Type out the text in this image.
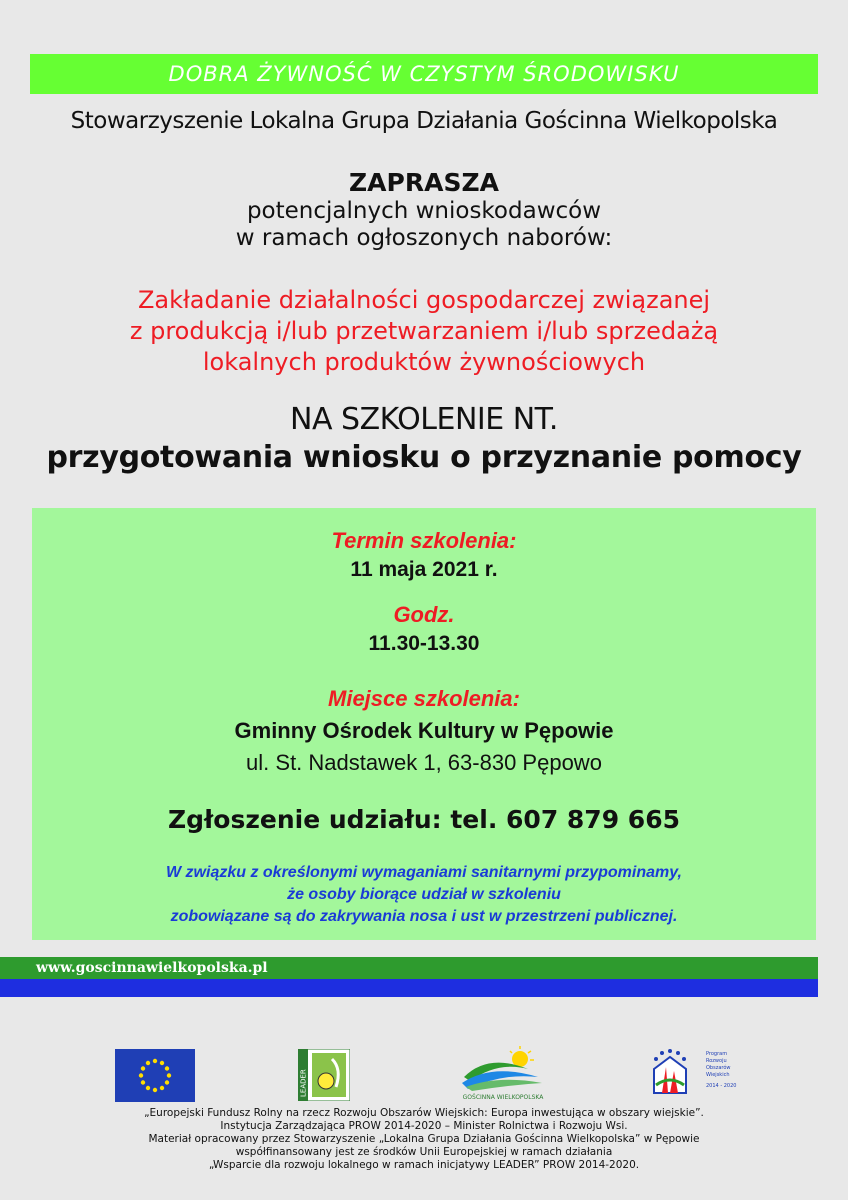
DOBRA ŻYWNOŚĆ W CZYSTYM ŚRODOWISKU
Stowarzyszenie Lokalna Grupa Działania Gościnna Wielkopolska
ZAPRASZA
potencjalnych wnioskodawców
w ramach ogłoszonych naborów:
Zakładanie działalności gospodarczej związanej
z produkcją i/lub przetwarzaniem i/lub sprzedażą
lokalnych produktów żywnościowych
NA SZKOLENIE NT.
przygotowania wniosku o przyznanie pomocy
Termin szkolenia:
11 maja 2021 r.
Godz.
11.30-13.30
Miejsce szkolenia:
Gminny Ośrodek Kultury w Pępowie
ul. St. Nadstawek 1, 63-830 Pępowo
Zgłoszenie udziału: tel. 607 879 665
W związku z określonymi wymaganiami sanitarnymi przypominamy,
że osoby biorące udział w szkoleniu
zobowiązane są do zakrywania nosa i ust w przestrzeni publicznej.
www.goscinnawielkopolska.pl
LEADER
GOŚCINNA WIELKOPOLSKA
Program
Rozwoju
Obszarów
Wiejskich
2014 - 2020
„Europejski Fundusz Rolny na rzecz Rozwoju Obszarów Wiejskich: Europa inwestująca w obszary wiejskie”.
Instytucja Zarządzająca PROW 2014-2020 – Minister Rolnictwa i Rozwoju Wsi.
Materiał opracowany przez Stowarzyszenie „Lokalna Grupa Działania Gościnna Wielkopolska” w Pępowie
współfinansowany jest ze środków Unii Europejskiej w ramach działania
„Wsparcie dla rozwoju lokalnego w ramach inicjatywy LEADER” PROW 2014-2020.
